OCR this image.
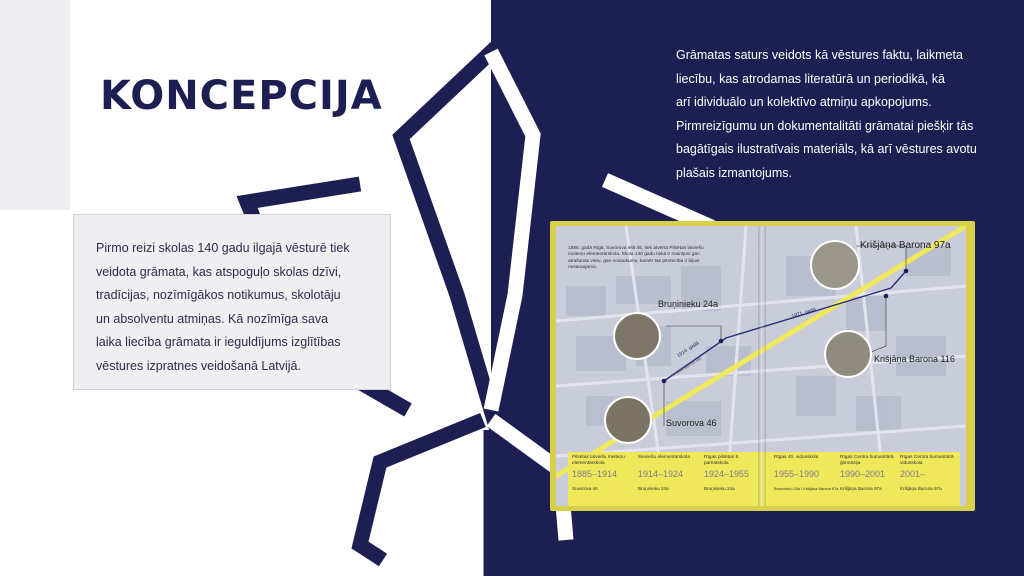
KONCEPCIJA

Pirmo reizi skolas 140 gadu ilgajā vēsturē tiek

veidota grāmata, kas atspoguļo skolas dzīvi,

tradīcijas, nozīmīgākos notikumus, skolotāju

un absolventu atmiņas. Kā nozīmīga sava

laika liecība grāmata ir ieguldījums izglītības

vēstures izpratnes veidošanā Latvijā.

Grāmatas saturs veidots kā vēstures faktu, laikmeta

liecību, kas atrodamas literatūrā un periodikā, kā

arī idividuālo un kolektīvo atmiņu apkopojums.

Pirmreizīgumu un dokumentalitāti grāmatai piešķir tās

bagātīgais ilustratīvais materiāls, kā arī vēstures avotu

plašais izmantojums.

1885. gadā Rīgā, Suvorova ielā 46, tiek atvērta Pilsētas latviešu meiteņu elementārskola. Skola 140 gadu laikā ir mainījusi gan atrašanās vietu, gan nosaukumu, kamēr tās pēctecība ir bijusi nesaraujama.
Krišjāņa Barona 97a
Bruņinieku 24a
Krišjāņa Barona 116
Suvorova 46
1914. gadā
1971. gadā
Krišjāņa Barona iela
Pilsētas latviešu meiteņu elementārskola
1885–1914
Suvorova 46
Sieviešu elementārskola
1914–1924
Bruņinieku 24a
Rīgas pilsētas 8. pamatskola
1924–1955
Bruņinieku 24a
Rīgas 40. vidusskola
1955–1990
Bruņinieku 24a / Krišjāņa Barona 97a
Rīgas Centra humanitārā ģimnāzija
1990–2001
Krišjāņa Barona 97a
Rīgas Centra humanitārā vidusskola
2001–
Krišjāņa Barona 97a
